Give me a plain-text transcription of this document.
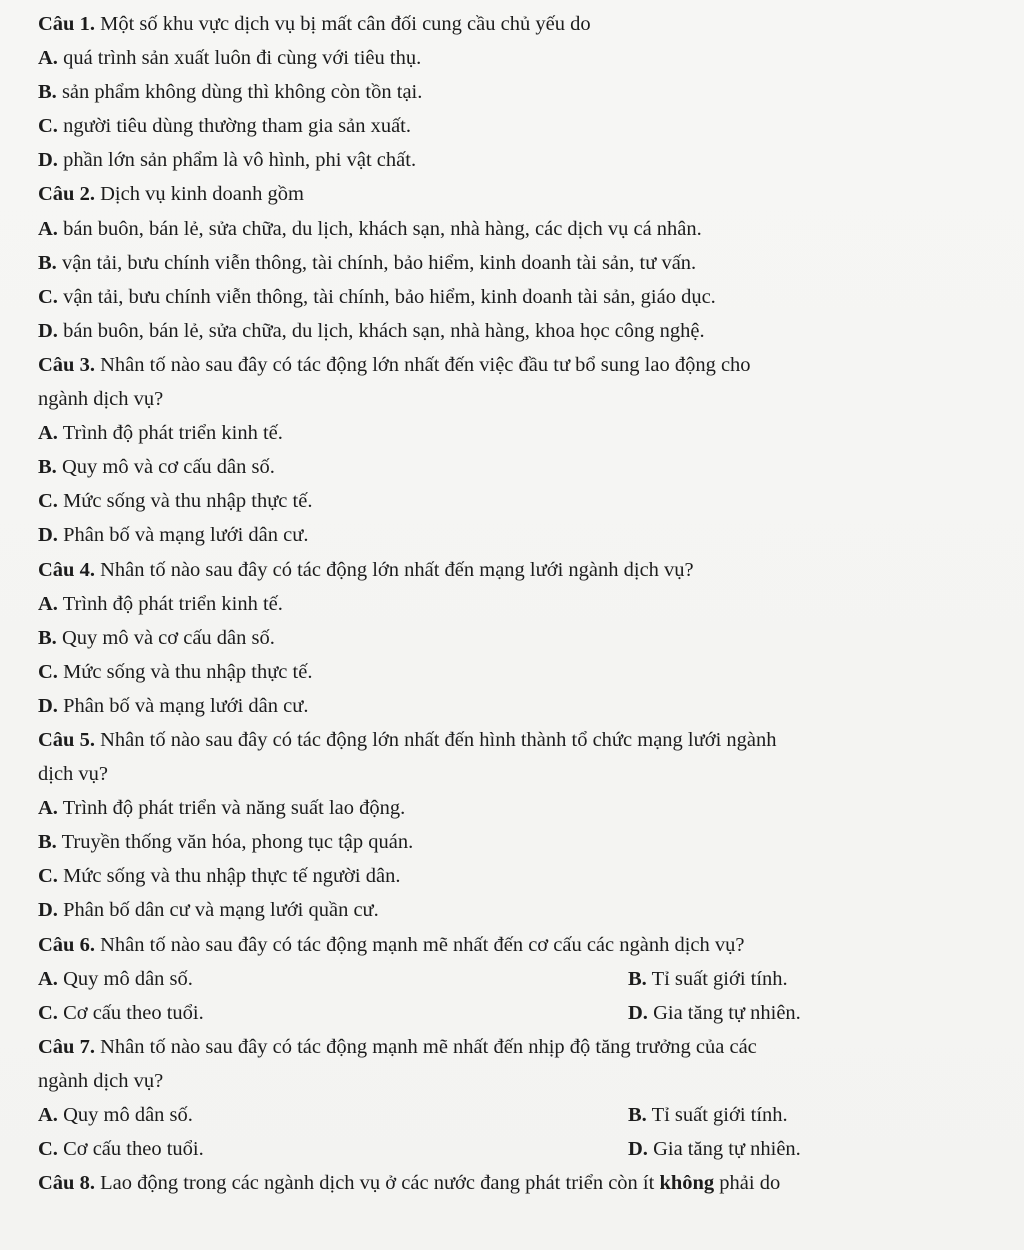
Câu 1. Một số khu vực dịch vụ bị mất cân đối cung cầu chủ yếu do
A. quá trình sản xuất luôn đi cùng với tiêu thụ.
B. sản phẩm không dùng thì không còn tồn tại.
C. người tiêu dùng thường tham gia sản xuất.
D. phần lớn sản phẩm là vô hình, phi vật chất.
Câu 2. Dịch vụ kinh doanh gồm
A. bán buôn, bán lẻ, sửa chữa, du lịch, khách sạn, nhà hàng, các dịch vụ cá nhân.
B. vận tải, bưu chính viễn thông, tài chính, bảo hiểm, kinh doanh tài sản, tư vấn.
C. vận tải, bưu chính viễn thông, tài chính, bảo hiểm, kinh doanh tài sản, giáo dục.
D. bán buôn, bán lẻ, sửa chữa, du lịch, khách sạn, nhà hàng, khoa học công nghệ.
Câu 3. Nhân tố nào sau đây có tác động lớn nhất đến việc đầu tư bổ sung lao động cho
ngành dịch vụ?
A. Trình độ phát triển kinh tế.
B. Quy mô và cơ cấu dân số.
C. Mức sống và thu nhập thực tế.
D. Phân bố và mạng lưới dân cư.
Câu 4. Nhân tố nào sau đây có tác động lớn nhất đến mạng lưới ngành dịch vụ?
A. Trình độ phát triển kinh tế.
B. Quy mô và cơ cấu dân số.
C. Mức sống và thu nhập thực tế.
D. Phân bố và mạng lưới dân cư.
Câu 5. Nhân tố nào sau đây có tác động lớn nhất đến hình thành tổ chức mạng lưới ngành
dịch vụ?
A. Trình độ phát triển và năng suất lao động.
B. Truyền thống văn hóa, phong tục tập quán.
C. Mức sống và thu nhập thực tế người dân.
D. Phân bố dân cư và mạng lưới quần cư.
Câu 6. Nhân tố nào sau đây có tác động mạnh mẽ nhất đến cơ cấu các ngành dịch vụ?
A. Quy mô dân số.	B. Tỉ suất giới tính.
C. Cơ cấu theo tuổi.	D. Gia tăng tự nhiên.
Câu 7. Nhân tố nào sau đây có tác động mạnh mẽ nhất đến nhịp độ tăng trưởng của các
ngành dịch vụ?
A. Quy mô dân số.	B. Tỉ suất giới tính.
C. Cơ cấu theo tuổi.	D. Gia tăng tự nhiên.
Câu 8. Lao động trong các ngành dịch vụ ở các nước đang phát triển còn ít không phải do
